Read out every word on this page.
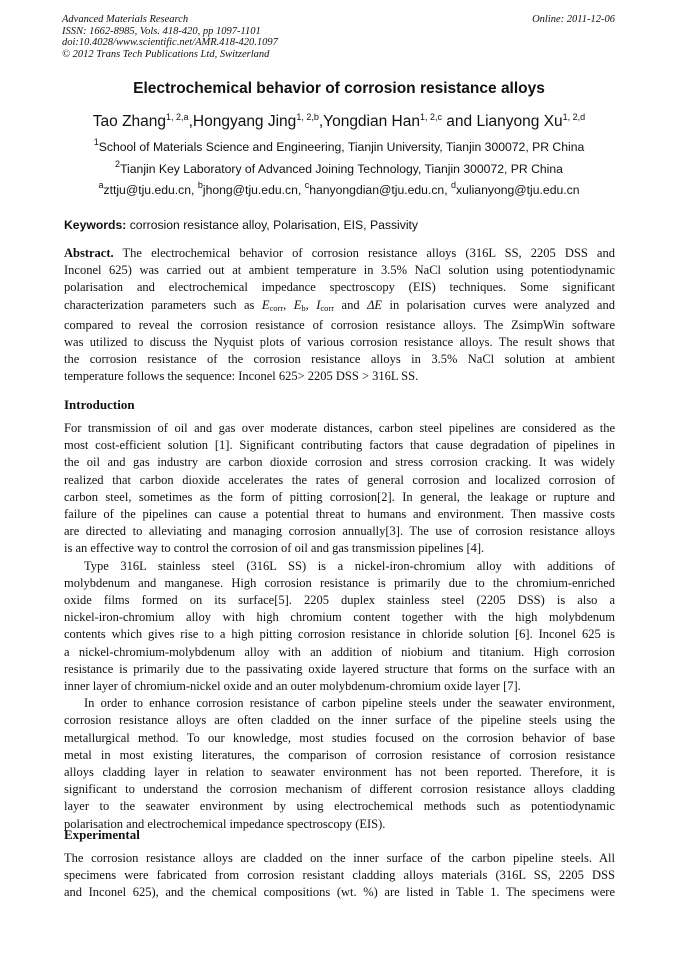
Advanced Materials Research
ISSN: 1662-8985, Vols. 418-420, pp 1097-1101
doi:10.4028/www.scientific.net/AMR.418-420.1097
© 2012 Trans Tech Publications Ltd, Switzerland
Online: 2011-12-06
Electrochemical behavior of corrosion resistance alloys
Tao Zhang$^{1, 2,a}$,Hongyang Jing$^{1, 2,b}$,Yongdian Han$^{1, 2,c}$ and Lianyong Xu$^{1, 2,d}$
$^1$School of Materials Science and Engineering, Tianjin University, Tianjin 300072, PR China
$^2$Tianjin Key Laboratory of Advanced Joining Technology, Tianjin 300072, PR China
$^a$zttju@tju.edu.cn, $^b$jhong@tju.edu.cn, $^c$hanyongdian@tju.edu.cn, $^d$xulianyong@tju.edu.cn
Keywords: corrosion resistance alloy, Polarisation, EIS, Passivity

Abstract. The electrochemical behavior of corrosion resistance alloys (316L SS, 2205 DSS and

Inconel 625) was carried out at ambient temperature in 3.5% NaCl solution using potentiodynamic

polarisation and electrochemical impedance spectroscopy (EIS) techniques. Some significant

characterization parameters such as $E_{corr}$, $E_b$, $I_{corr}$ and ΔE in polarisation curves were analyzed and

compared to reveal the corrosion resistance of corrosion resistance alloys. The ZsimpWin software

was utilized to discuss the Nyquist plots of various corrosion resistance alloys. The result shows that

the corrosion resistance of the corrosion resistance alloys in 3.5% NaCl solution at ambient

temperature follows the sequence: Inconel 625> 2205 DSS > 316L SS.

Introduction

For transmission of oil and gas over moderate distances, carbon steel pipelines are considered as the

most cost-efficient solution [1]. Significant contributing factors that cause degradation of pipelines in

the oil and gas industry are carbon dioxide corrosion and stress corrosion cracking. It was widely

realized that carbon dioxide accelerates the rates of general corrosion and localized corrosion of

carbon steel, sometimes as the form of pitting corrosion[2]. In general, the leakage or rupture and

failure of the pipelines can cause a potential threat to humans and environment. Then massive costs

are directed to alleviating and managing corrosion annually[3]. The use of corrosion resistance alloys

is an effective way to control the corrosion of oil and gas transmission pipelines [4].

Type 316L stainless steel (316L SS) is a nickel-iron-chromium alloy with additions of

molybdenum and manganese. High corrosion resistance is primarily due to the chromium-enriched

oxide films formed on its surface[5]. 2205 duplex stainless steel (2205 DSS) is also a

nickel-iron-chromium alloy with high chromium content together with the high molybdenum

contents which gives rise to a high pitting corrosion resistance in chloride solution [6]. Inconel 625 is

a nickel-chromium-molybdenum alloy with an addition of niobium and titanium. High corrosion

resistance is primarily due to the passivating oxide layered structure that forms on the surface with an

inner layer of chromium-nickel oxide and an outer molybdenum-chromium oxide layer [7].

In order to enhance corrosion resistance of carbon pipeline steels under the seawater environment,

corrosion resistance alloys are often cladded on the inner surface of the pipeline steels using the

metallurgical method. To our knowledge, most studies focused on the corrosion behavior of base

metal in most existing literatures, the comparison of corrosion resistance of corrosion resistance

alloys cladding layer in relation to seawater environment has not been reported. Therefore, it is

significant to understand the corrosion mechanism of different corrosion resistance alloys cladding

layer to the seawater environment by using electrochemical methods such as potentiodynamic

polarisation and electrochemical impedance spectroscopy (EIS).

Experimental

The corrosion resistance alloys are cladded on the inner surface of the carbon pipeline steels. All

specimens were fabricated from corrosion resistant cladding alloys materials (316L SS, 2205 DSS

and Inconel 625), and the chemical compositions (wt. %) are listed in Table 1. The specimens were
